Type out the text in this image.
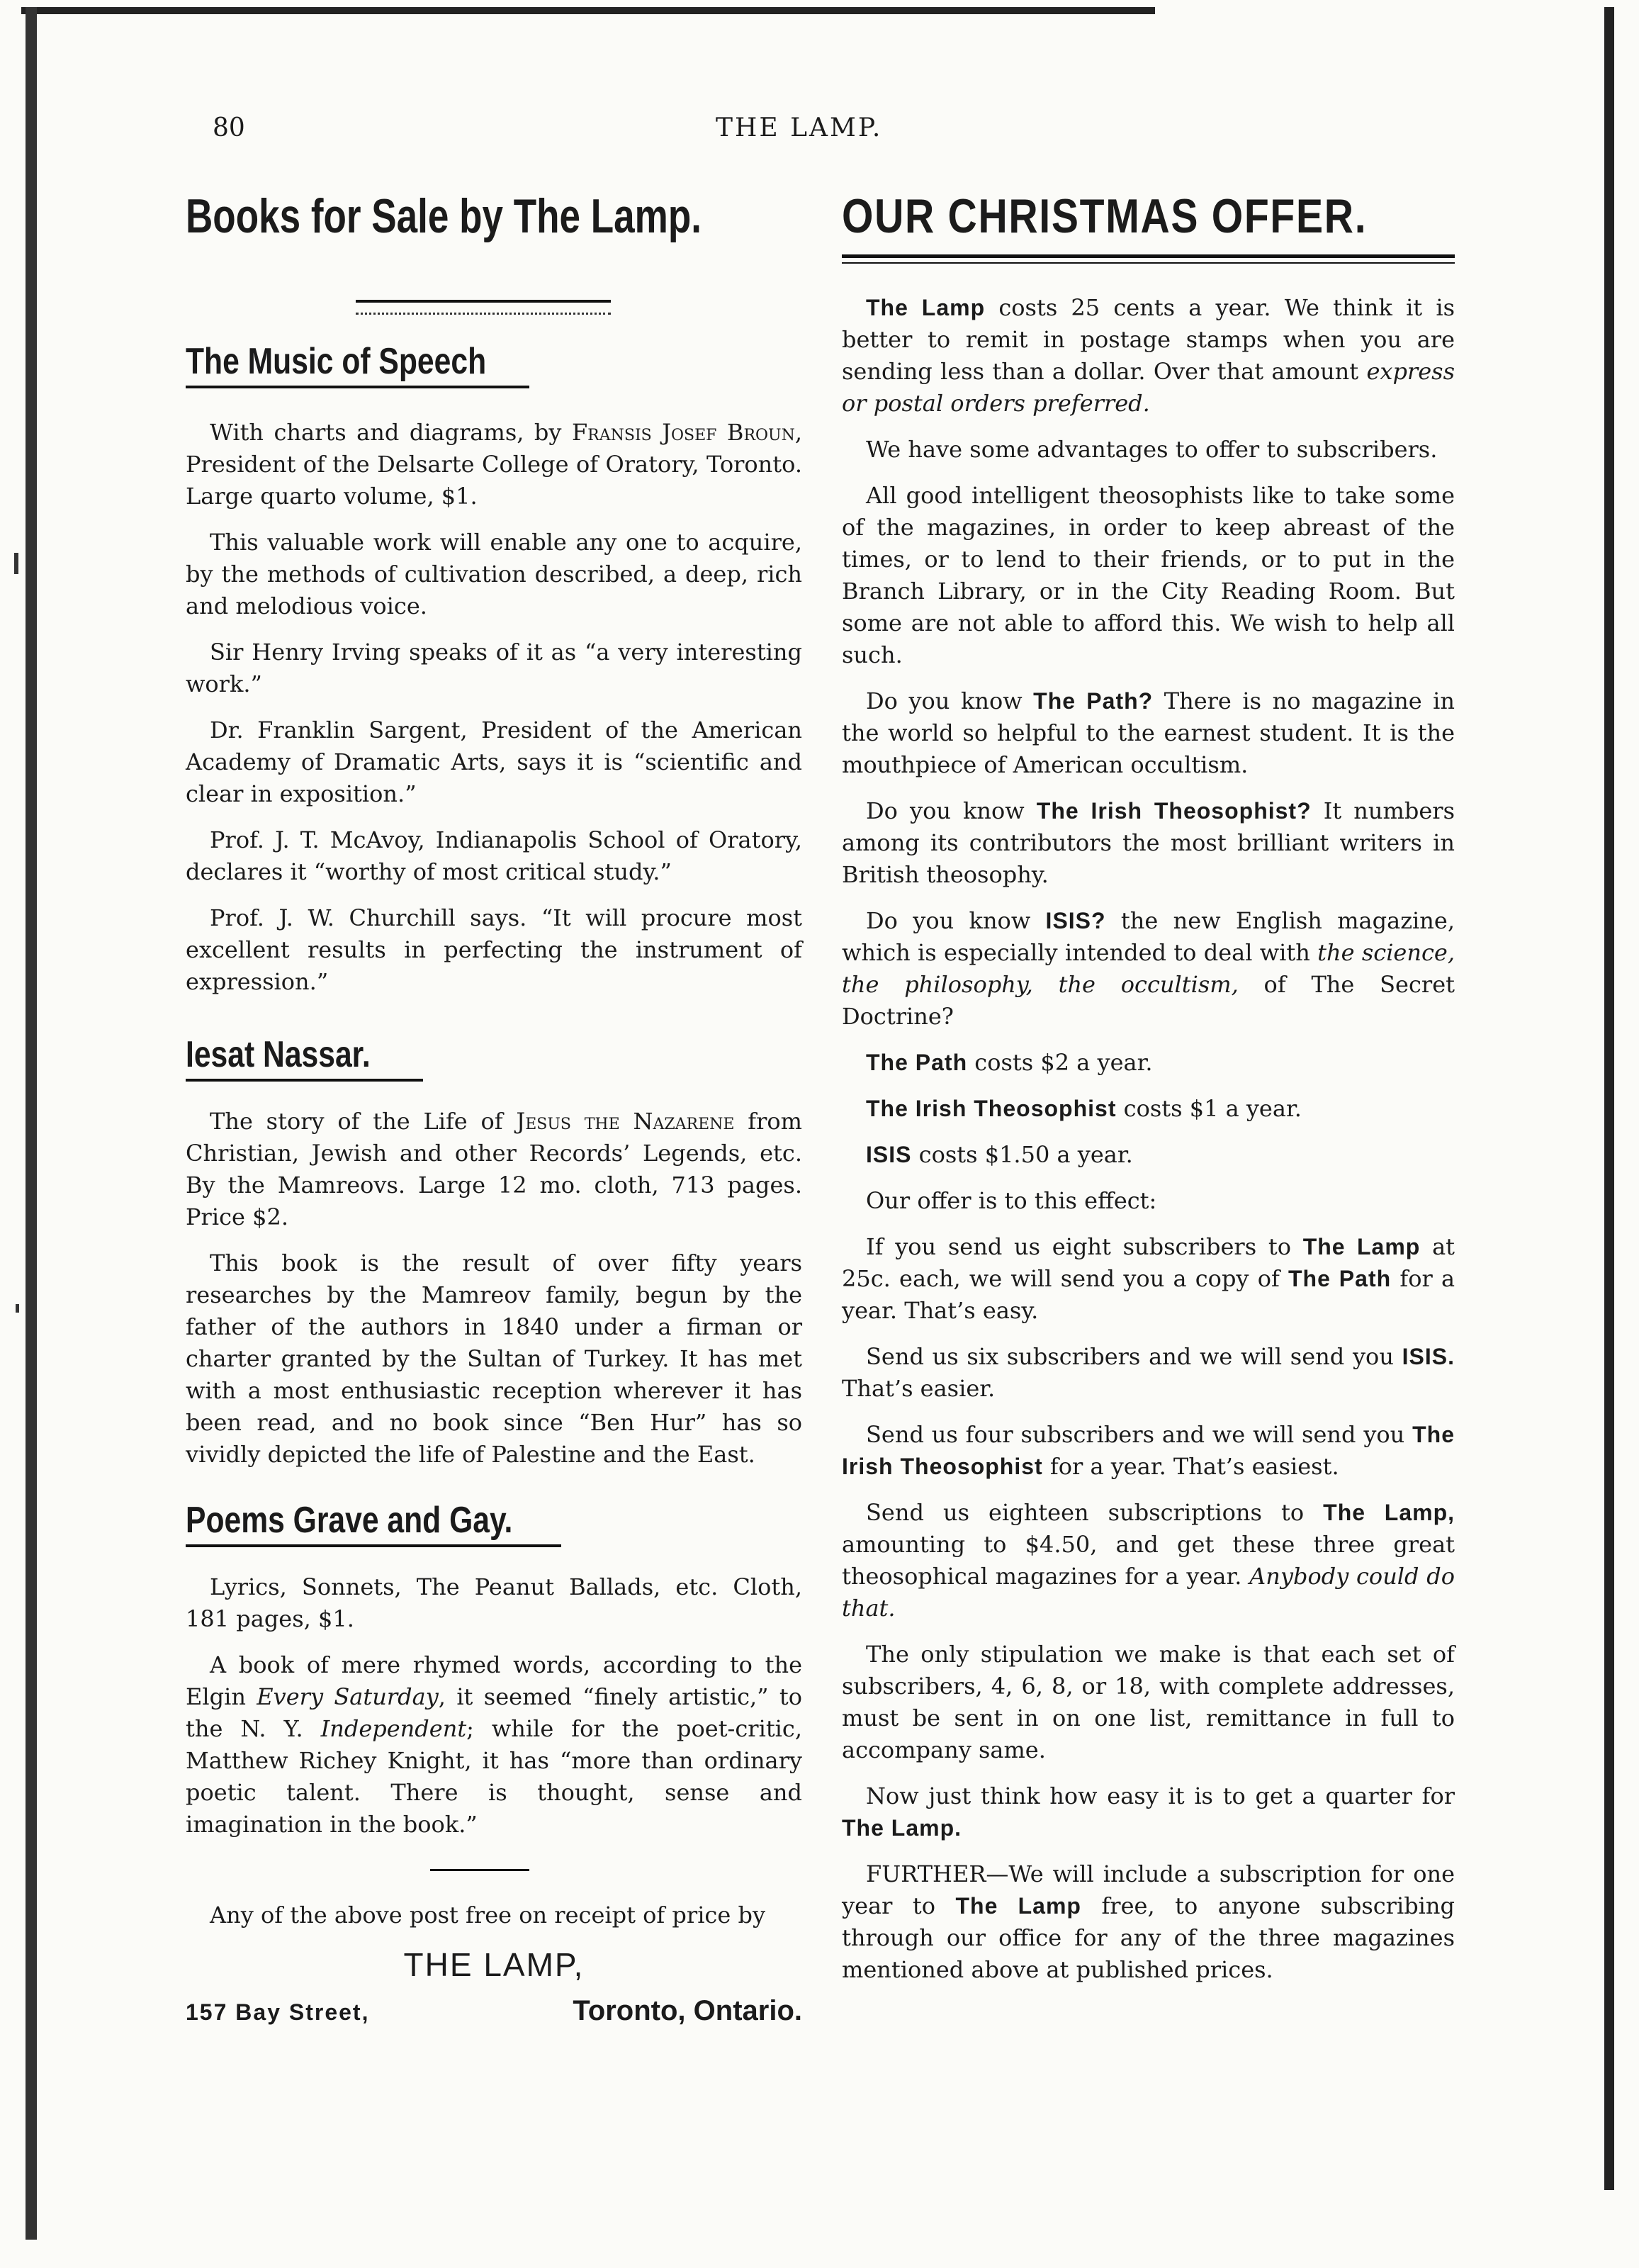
80	THE LAMP.
Books for Sale by The Lamp.
The Music of Speech

With charts and diagrams, by Fransis Josef Broun, President of the Delsarte College of Oratory, Toronto. Large quarto volume, $1.

This valuable work will enable any one to acquire, by the methods of cultivation described, a deep, rich and melodious voice.

Sir Henry Irving speaks of it as “a very interesting work.”

Dr. Franklin Sargent, President of the American Academy of Dramatic Arts, says it is “scientific and clear in exposition.”

Prof. J. T. McAvoy, Indianapolis School of Oratory, declares it “worthy of most critical study.”

Prof. J. W. Churchill says. “It will procure most excellent results in perfecting the instrument of expression.”

Iesat Nassar.

The story of the Life of Jesus the Nazarene from Christian, Jewish and other Records’ Legends, etc. By the Mamreovs. Large 12 mo. cloth, 713 pages. Price $2.

This book is the result of over fifty years researches by the Mamreov family, begun by the father of the authors in 1840 under a firman or charter granted by the Sultan of Turkey. It has met with a most enthusiastic reception wherever it has been read, and no book since “Ben Hur” has so vividly depicted the life of Palestine and the East.

Poems Grave and Gay.

Lyrics, Sonnets, The Peanut Ballads, etc. Cloth, 181 pages, $1.

A book of mere rhymed words, according to the Elgin Every Saturday, it seemed “finely artistic,” to the N. Y. Independent; while for the poet-critic, Matthew Richey Knight, it has “more than ordinary poetic talent. There is thought, sense and imagination in the book.”

Any of the above post free on receipt of price by

THE LAMP,
157 Bay Street,	Toronto, Ontario.
OUR CHRISTMAS OFFER.

The Lamp costs 25 cents a year. We think it is better to remit in postage stamps when you are sending less than a dollar. Over that amount express or postal orders preferred.

We have some advantages to offer to subscribers.

All good intelligent theosophists like to take some of the magazines, in order to keep abreast of the times, or to lend to their friends, or to put in the Branch Library, or in the City Reading Room. But some are not able to afford this. We wish to help all such.

Do you know The Path? There is no magazine in the world so helpful to the earnest student. It is the mouthpiece of American occultism.

Do you know The Irish Theosophist? It numbers among its contributors the most brilliant writers in British theosophy.

Do you know ISIS? the new English magazine, which is especially intended to deal with the science, the philosophy, the occultism, of The Secret Doctrine?

The Path costs $2 a year.

The Irish Theosophist costs $1 a year.

ISIS costs $1.50 a year.

Our offer is to this effect:

If you send us eight subscribers to The Lamp at 25c. each, we will send you a copy of The Path for a year. That’s easy.

Send us six subscribers and we will send you ISIS. That’s easier.

Send us four subscribers and we will send you The Irish Theosophist for a year. That’s easiest.

Send us eighteen subscriptions to The Lamp, amounting to $4.50, and get these three great theosophical magazines for a year. Anybody could do that.

The only stipulation we make is that each set of subscribers, 4, 6, 8, or 18, with complete addresses, must be sent in on one list, remittance in full to accompany same.

Now just think how easy it is to get a quarter for The Lamp.

FURTHER—We will include a subscription for one year to The Lamp free, to anyone subscribing through our office for any of the three magazines mentioned above at published prices.
